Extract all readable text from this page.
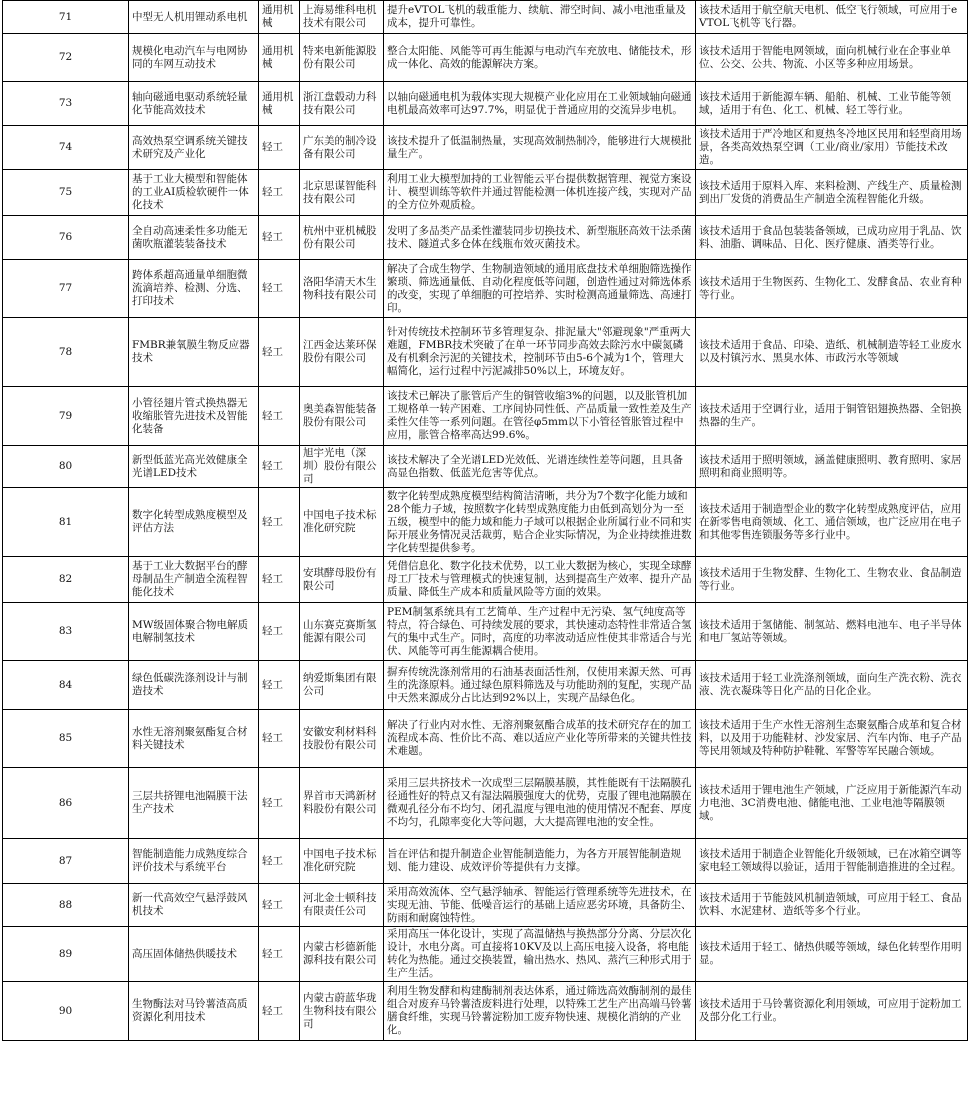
71	中型无人机用锂动系电机	通用机械	上海易维科电机技术有限公司	提升eVTOL飞机的载重能力、续航、滞空时间、减小电池重量及成本，提升可靠性。	该技术适用于航空航天电机、低空飞行领域，可应用于eVTOL飞机等飞行器。
72	规模化电动汽车与电网协同的车网互动技术	通用机械	特来电新能源股份有限公司	整合太阳能、风能等可再生能源与电动汽车充放电、储能技术，形成一体化、高效的能源解决方案。	该技术适用于智能电网领域，面向机械行业在企事业单位、公交、公共、物流、小区等多种应用场景。
73	轴向磁通电驱动系统轻量化节能高效技术	通用机械	浙江盘毂动力科技有限公司	以轴向磁通电机为载体实现大规模产业化应用在工业领域轴向磁通电机最高效率可达97.7%，明显优于普通应用的交流异步电机。	该技术适用于新能源车辆、船舶、机械、工业节能等领域，适用于有色、化工、机械、轻工等行业。
74	高效热泵空调系统关键技术研究及产业化	轻工	广东美的制冷设备有限公司	该技术提升了低温制热量，实现高效制热制冷，能够进行大规模批量生产。	该技术适用于严冷地区和夏热冬冷地区民用和轻型商用场景，各类高效热泵空调（工业/商业/家用）节能技术改造。
75	基于工业大模型和智能体的工业AI质检软硬件一体化技术	轻工	北京思谋智能科技有限公司	利用工业大模型加持的工业智能云平台提供数据管理、视觉方案设计、模型训练等软件并通过智能检测一体机连接产线，实现对产品的全方位外观质检。	该技术适用于原料入库、来料检测、产线生产、质量检测到出厂发货的消费品生产制造全流程智能化升级。
76	全自动高速柔性多功能无菌吹瓶灌装装备技术	轻工	杭州中亚机械股份有限公司	发明了多品类产品柔性灌装同步切换技术、新型瓶胚高效干法杀菌技术、隧道式多仓体在线瓶布效灭菌技术。	该技术适用于食品包装装备领域，已成功应用于乳品、饮料、油脂、调味品、日化、医疗健康、酒类等行业。
77	跨体系超高通量单细胞微流滴培养、检测、分选、打印技术	轻工	洛阳华清天木生物科技有限公司	解决了合成生物学、生物制造领域的通用底盘技术单细胞筛选操作繁琐、筛选通量低、自动化程度低等问题，创造性通过对筛选体系的改变，实现了单细胞的可控培养、实时检测高通量筛选、高速打印。	该技术适用于生物医药、生物化工、发酵食品、农业育种等行业。
78	FMBR兼氧膜生物反应器技术	轻工	江西金达莱环保股份有限公司	针对传统技术控制环节多管理复杂、排泥量大"邻避现象"严重两大难题，FMBR技术突破了在单一环节同步高效去除污水中碳氮磷及有机剩余污泥的关键技术，控制环节由5-6个减为1个，管理大幅简化，运行过程中污泥减排50%以上，环境友好。	该技术适用于食品、印染、造纸、机械制造等轻工业废水以及村镇污水、黑臭水体、市政污水等领域
79	小管径翅片管式换热器无收缩胀管先进技术及智能化装备	轻工	奥美森智能装备股份有限公司	该技术已解决了胀管后产生的铜管收缩3%的问题，以及胀管机加工规格单一转产困难、工序间协同性低、产品质量一致性差及生产柔性欠佳等一系列问题。在管径φ5mm以下小管径管胀管过程中应用，胀管合格率高达99.6%。	该技术适用于空调行业，适用于铜管铝翅换热器、全铝换热器的生产。
80	新型低蓝光高光效健康全光谱LED技术	轻工	旭宇光电（深圳）股份有限公司	该技术解决了全光谱LED光效低、光谱连续性差等问题，且具备高显色指数、低蓝光危害等优点。	该技术适用于照明领域，涵盖健康照明、教育照明、家居照明和商业照明等。
81	数字化转型成熟度模型及评估方法	轻工	中国电子技术标准化研究院	数字化转型成熟度模型结构简洁清晰，共分为7个数字化能力域和28个能力子域，按照数字化转型成熟度能力由低到高划分为一至五级，模型中的能力域和能力子域可以根据企业所属行业不同和实际开展业务情况灵活裁剪，贴合企业实际情况，为企业持续推进数字化转型提供参考。	该技术适用于制造型企业的数字化转型成熟度评估，应用在新零售电商领域、化工、通信领域，也广泛应用在电子和其他零售连锁服务等多行业中。
82	基于工业大数据平台的酵母制品生产制造全流程智能化技术	轻工	安琪酵母股份有限公司	凭借信息化、数字化技术优势，以工业大数据为核心，实现全球酵母工厂技术与管理模式的快速复制，达到提高生产效率、提升产品质量、降低生产成本和质量风险等方面的效果。	该技术适用于生物发酵、生物化工、生物农业、食品制造等行业。
83	MW级固体聚合物电解质电解制氢技术	轻工	山东赛克赛斯氢能源有限公司	PEM制氢系统具有工艺简单、生产过程中无污染、氢气纯度高等特点，符合绿色、可持续发展的要求，其快速动态特性非常适合氢气的集中式生产。同时，高度的功率波动适应性使其非常适合与光伏、风能等可再生能源耦合使用。	该技术适用于氢储能、制氢站、燃料电池车、电子半导体和电厂氢站等领域。
84	绿色低碳洗涤剂设计与制造技术	轻工	纳爱斯集团有限公司	摒弃传统洗涤剂常用的石油基表面活性剂，仅使用来源天然、可再生的洗涤原料。通过绿色原料筛选及与功能助剂的复配，实现产品中天然来源成分占比达到92%以上，实现产品绿色化。	该技术适用于轻工业洗涤剂领域，面向生产洗衣粉、洗衣液、洗衣凝珠等日化产品的日化企业。
85	水性无溶剂聚氨酯复合材料关键技术	轻工	安徽安利材料科技股份有限公司	解决了行业内对水性、无溶剂聚氨酯合成革的技术研究存在的加工流程成本高、性价比不高、难以适应产业化等所带来的关键共性技术难题。	该技术适用于生产水性无溶剂生态聚氨酯合成革和复合材料，以及用于功能鞋材、沙发家居、汽车内饰、电子产品等民用领域及特种防护鞋靴、军警等军民融合领域。
86	三层共挤锂电池隔膜干法生产技术	轻工	界首市天鸿新材料股份有限公司	采用三层共挤技术一次成型三层隔膜基膜，其性能既有干法隔膜孔径通性好的特点又有湿法隔膜强度大的优势，克服了锂电池隔膜在微观孔径分布不均匀、闭孔温度与锂电池的使用情况不配套、厚度不均匀，孔隙率变化大等问题，大大提高锂电池的安全性。	该技术适用于锂电池生产领域，广泛应用于新能源汽车动力电池、3C消费电池、储能电池、工业电池等隔膜领域。
87	智能制造能力成熟度综合评价技术与系统平台	轻工	中国电子技术标准化研究院	旨在评估和提升制造企业智能制造能力，为各方开展智能制造规划、能力建设、成效评价等提供有力支撑。	该技术适用于制造企业智能化升级领域，已在冰箱空调等家电轻工领域得以验证，适用于智能制造推进的全过程。
88	新一代高效空气悬浮鼓风机技术	轻工	河北金士顿科技有限责任公司	采用高效流体、空气悬浮轴承、智能运行管理系统等先进技术，在实现无油、节能、低噪音运行的基础上适应恶劣环境，具备防尘、防雨和耐腐蚀特性。	该技术适用于节能鼓风机制造领域，可应用于轻工、食品饮料、水泥建材、造纸等多个行业。
89	高压固体储热供暖技术	轻工	内蒙古杉德新能源科技有限公司	采用高压一体化设计，实现了高温储热与换热部分分离、分层次化设计，水电分离。可直接将10KV及以上高压电接入设备，将电能转化为热能。通过交换装置，输出热水、热风、蒸汽三种形式用于生产生活。	该技术适用于轻工、储热供暖等领域，绿色化转型作用明显。
90	生物酶法对马铃薯渣高质资源化利用技术	轻工	内蒙古蔚蓝华珑生物科技有限公司	利用生物发酵和构建酶制剂表达体系，通过筛选高效酶制剂的最佳组合对废弃马铃薯渣废料进行处理，以特殊工艺生产出高端马铃薯膳食纤维，实现马铃薯淀粉加工废弃物快速、规模化消纳的产业化。	该技术适用于马铃薯资源化利用领域，可应用于淀粉加工及部分化工行业。
